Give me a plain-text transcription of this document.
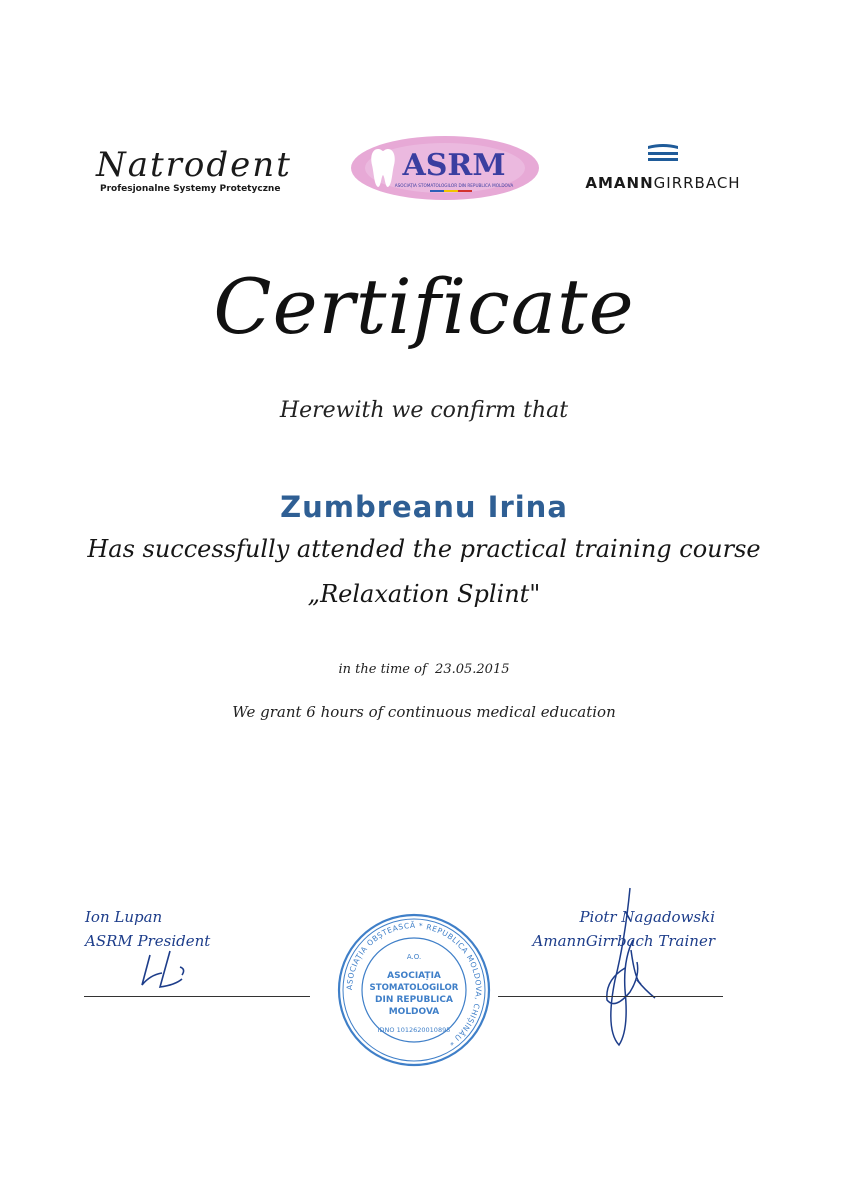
Natrodent
Profesjonalne Systemy Protetyczne
ASRM
ASOCIAȚIA STOMATOLOGILOR DIN REPUBLICA MOLDOVA	AMANNGIRRBACH
Certificate
Herewith we confirm that
Zumbreanu Irina
Has successfully attended the practical training course
„Relaxation Splint"
in the time of 23.05.2015
We grant 6 hours of continuous medical education
Ion Lupan
ASRM President
Piotr Nagadowski
AmannGirrbach Trainer
ASOCIAȚIA OBȘTEASCĂ * REPUBLICA MOLDOVA, CHIȘINĂU *
A.O.
ASOCIAȚIA
STOMATOLOGILOR
DIN REPUBLICA
MOLDOVA
IDNO 1012620010895
